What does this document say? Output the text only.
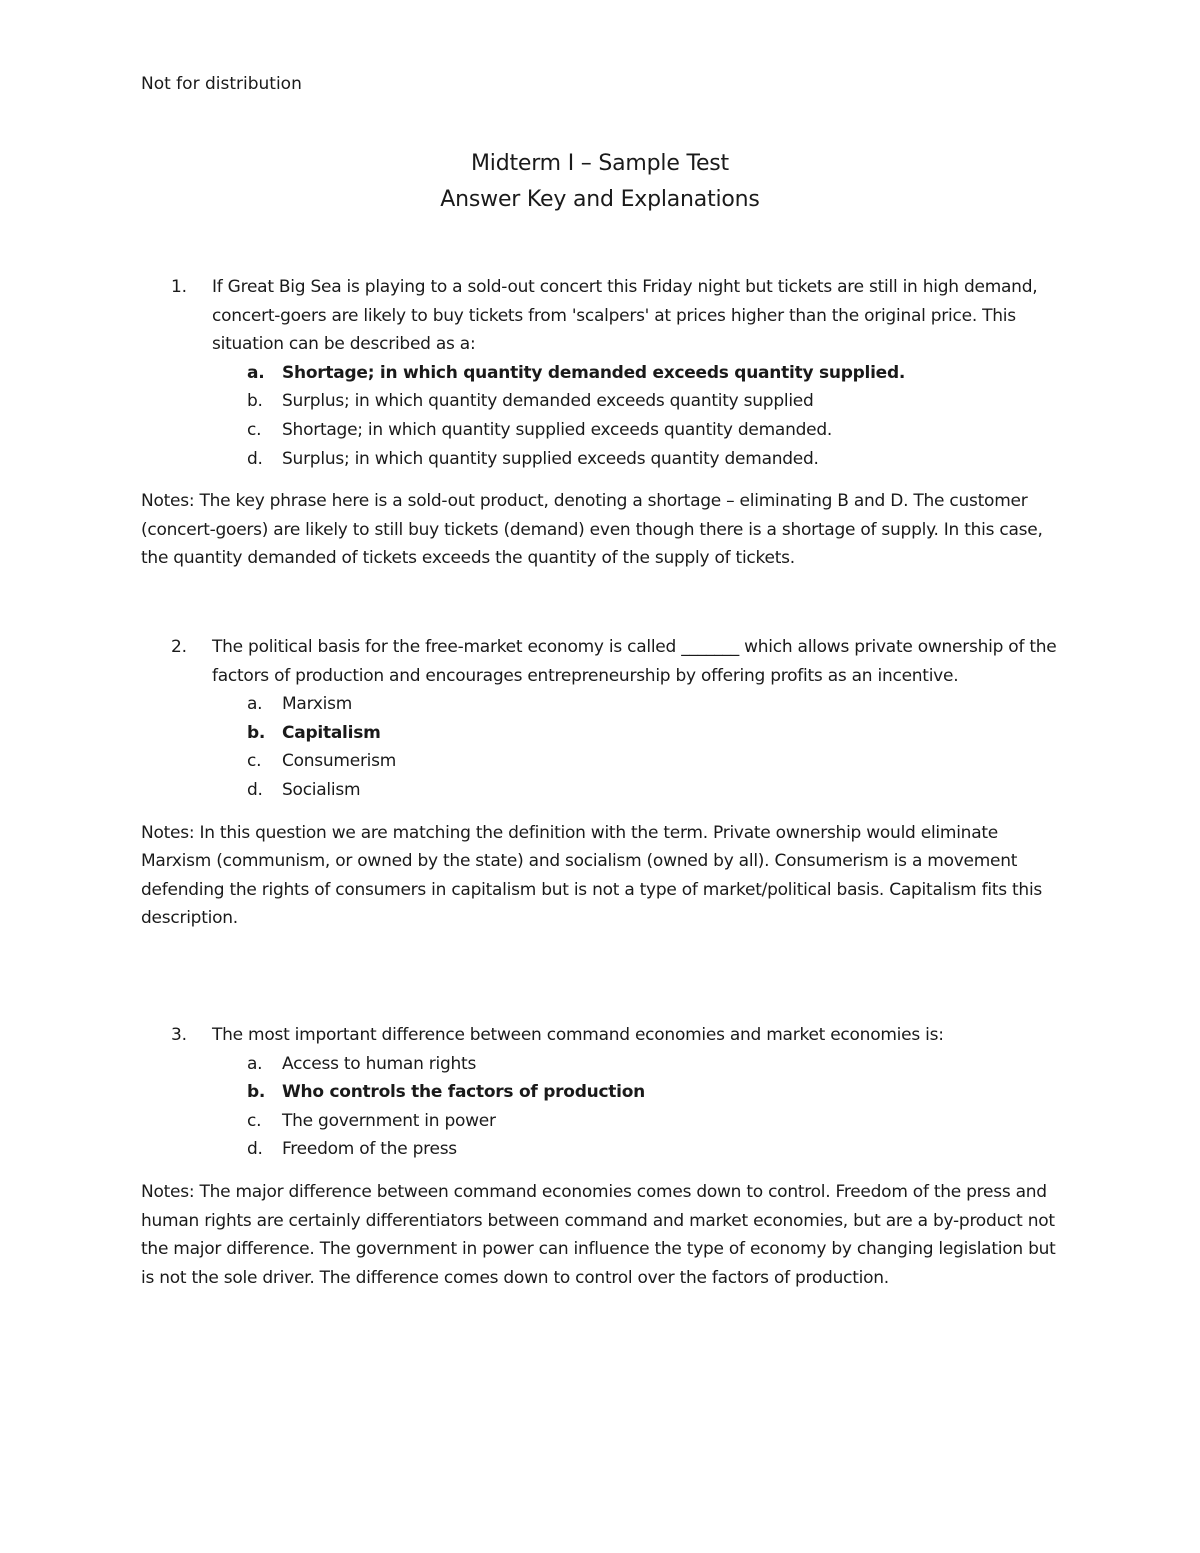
Not for distribution
Midterm I – Sample Test
Answer Key and Explanations
1. If Great Big Sea is playing to a sold-out concert this Friday night but tickets are still in high demand, concert-goers are likely to buy tickets from 'scalpers' at prices higher than the original price. This situation can be described as a:
a. Shortage; in which quantity demanded exceeds quantity supplied.
b. Surplus; in which quantity demanded exceeds quantity supplied
c. Shortage; in which quantity supplied exceeds quantity demanded.
d. Surplus; in which quantity supplied exceeds quantity demanded.
Notes: The key phrase here is a sold-out product, denoting a shortage – eliminating B and D. The customer (concert-goers) are likely to still buy tickets (demand) even though there is a shortage of supply. In this case, the quantity demanded of tickets exceeds the quantity of the supply of tickets.
2. The political basis for the free-market economy is called _______ which allows private ownership of the factors of production and encourages entrepreneurship by offering profits as an incentive.
a. Marxism
b. Capitalism
c. Consumerism
d. Socialism
Notes: In this question we are matching the definition with the term. Private ownership would eliminate Marxism (communism, or owned by the state) and socialism (owned by all). Consumerism is a movement defending the rights of consumers in capitalism but is not a type of market/political basis. Capitalism fits this description.
3. The most important difference between command economies and market economies is:
a. Access to human rights
b. Who controls the factors of production
c. The government in power
d. Freedom of the press
Notes: The major difference between command economies comes down to control. Freedom of the press and human rights are certainly differentiators between command and market economies, but are a by-product not the major difference. The government in power can influence the type of economy by changing legislation but is not the sole driver. The difference comes down to control over the factors of production.
